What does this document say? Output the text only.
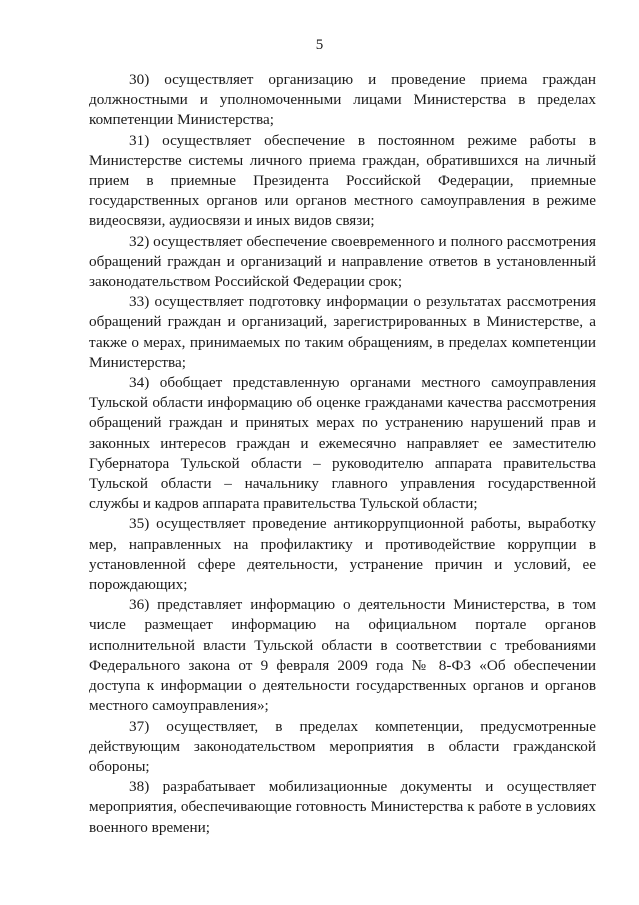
5

30) осуществляет организацию и проведение приема граждан должностными и уполномоченными лицами Министерства в пределах компетенции Министерства;

31) осуществляет обеспечение в постоянном режиме работы в Министерстве системы личного приема граждан, обратившихся на личный прием в приемные Президента Российской Федерации, приемные государственных органов или органов местного самоуправления в режиме видеосвязи, аудиосвязи и иных видов связи;

32) осуществляет обеспечение своевременного и полного рассмотрения обращений граждан и организаций и направление ответов в установленный законодательством Российской Федерации срок;

33) осуществляет подготовку информации о результатах рассмотрения обращений граждан и организаций, зарегистрированных в Министерстве, а также о мерах, принимаемых по таким обращениям, в пределах компетенции Министерства;

34) обобщает представленную органами местного самоуправления Тульской области информацию об оценке гражданами качества рассмотрения обращений граждан и принятых мерах по устранению нарушений прав и законных интересов граждан и ежемесячно направляет ее заместителю Губернатора Тульской области – руководителю аппарата правительства Тульской области – начальнику главного управления государственной службы и кадров аппарата правительства Тульской области;

35) осуществляет проведение антикоррупционной работы, выработку мер, направленных на профилактику и противодействие коррупции в установленной сфере деятельности, устранение причин и условий, ее порождающих;

36) представляет информацию о деятельности Министерства, в том числе размещает информацию на официальном портале органов исполнительной власти Тульской области в соответствии с требованиями Федерального закона от 9 февраля 2009 года № 8-ФЗ «Об обеспечении доступа к информации о деятельности государственных органов и органов местного самоуправления»;

37) осуществляет, в пределах компетенции, предусмотренные действующим законодательством мероприятия в области гражданской обороны;

38) разрабатывает мобилизационные документы и осуществляет мероприятия, обеспечивающие готовность Министерства к работе в условиях военного времени;
